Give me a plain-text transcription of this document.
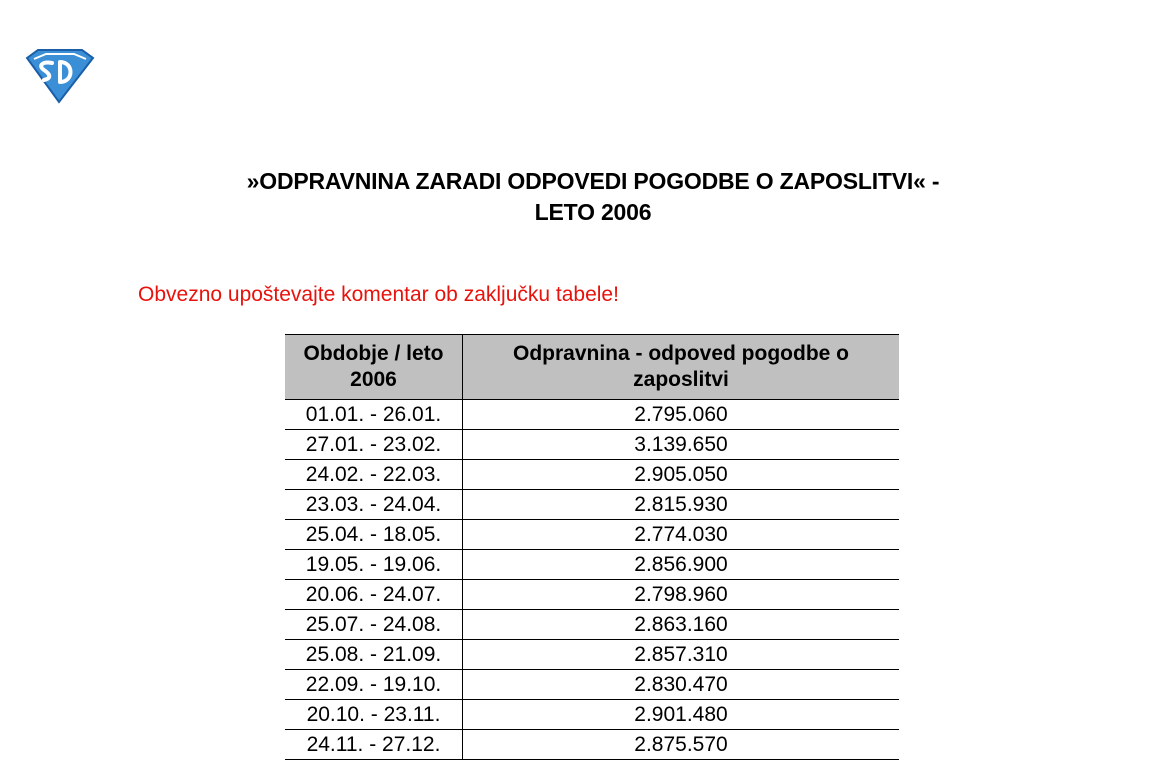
»ODPRAVNINA ZARADI ODPOVEDI POGODBE O ZAPOSLITVI« -
LETO 2006
Obvezno upoštevajte komentar ob zaključku tabele!
Obdobje / leto 2006	Odpravnina - odpoved pogodbe o zaposlitvi
01.01. - 26.01.	2.795.060
27.01. - 23.02.	3.139.650
24.02. - 22.03.	2.905.050
23.03. - 24.04.	2.815.930
25.04. - 18.05.	2.774.030
19.05. - 19.06.	2.856.900
20.06. - 24.07.	2.798.960
25.07. - 24.08.	2.863.160
25.08. - 21.09.	2.857.310
22.09. - 19.10.	2.830.470
20.10. - 23.11.	2.901.480
24.11. - 27.12.	2.875.570
